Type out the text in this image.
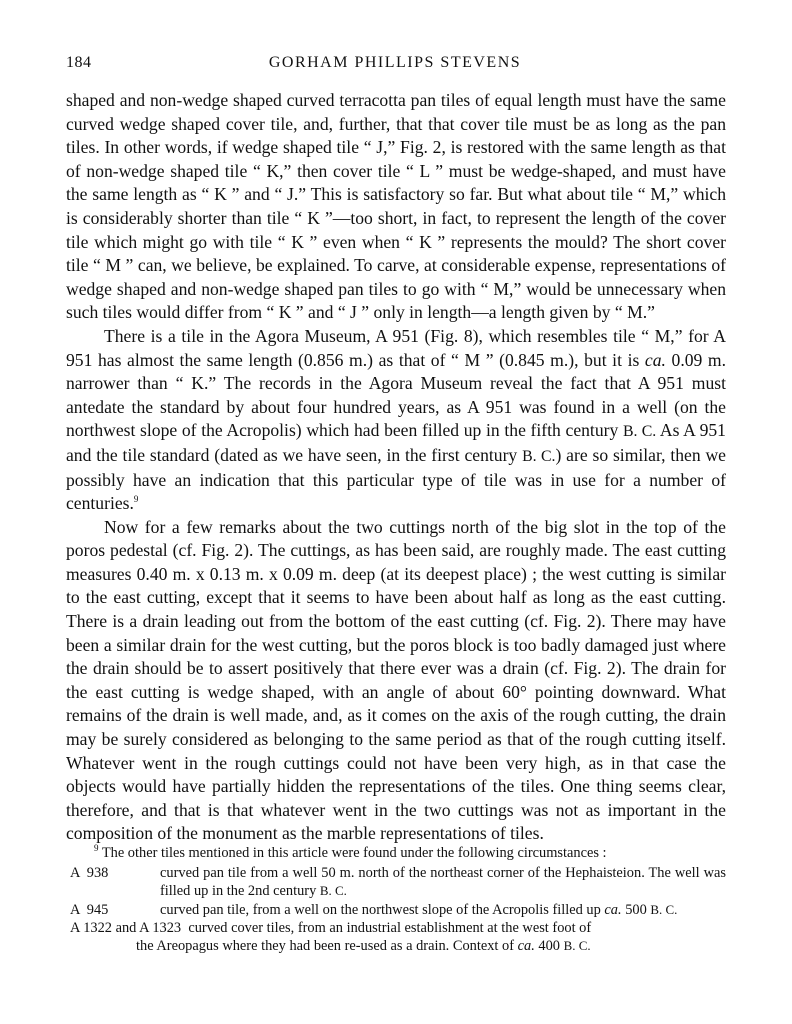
184	GORHAM PHILLIPS STEVENS

shaped and non-wedge shaped curved terracotta pan tiles of equal length must have the same curved wedge shaped cover tile, and, further, that that cover tile must be as long as the pan tiles. In other words, if wedge shaped tile “ J,” Fig. 2, is restored with the same length as that of non-wedge shaped tile “ K,” then cover tile “ L ” must be wedge-shaped, and must have the same length as “ K ” and “ J.” This is satisfactory so far. But what about tile “ M,” which is considerably shorter than tile “ K ”—too short, in fact, to represent the length of the cover tile which might go with tile “ K ” even when “ K ” represents the mould? The short cover tile “ M ” can, we believe, be explained. To carve, at considerable expense, representations of wedge shaped and non-wedge shaped pan tiles to go with “ M,” would be unnecessary when such tiles would differ from “ K ” and “ J ” only in length—a length given by “ M.”

There is a tile in the Agora Museum, A 951 (Fig. 8), which resembles tile “ M,” for A 951 has almost the same length (0.856 m.) as that of “ M ” (0.845 m.), but it is ca. 0.09 m. narrower than “ K.” The records in the Agora Museum reveal the fact that A 951 must antedate the standard by about four hundred years, as A 951 was found in a well (on the northwest slope of the Acropolis) which had been filled up in the fifth century B. C. As A 951 and the tile standard (dated as we have seen, in the first century B. C.) are so similar, then we possibly have an indication that this particular type of tile was in use for a number of centuries.$^9$

Now for a few remarks about the two cuttings north of the big slot in the top of the poros pedestal (cf. Fig. 2). The cuttings, as has been said, are roughly made. The east cutting measures 0.40 m. x 0.13 m. x 0.09 m. deep (at its deepest place) ; the west cutting is similar to the east cutting, except that it seems to have been about half as long as the east cutting. There is a drain leading out from the bottom of the east cutting (cf. Fig. 2). There may have been a similar drain for the west cutting, but the poros block is too badly damaged just where the drain should be to assert positively that there ever was a drain (cf. Fig. 2). The drain for the east cutting is wedge shaped, with an angle of about 60° pointing downward. What remains of the drain is well made, and, as it comes on the axis of the rough cutting, the drain may be surely considered as belonging to the same period as that of the rough cutting itself. Whatever went in the rough cuttings could not have been very high, as in that case the objects would have partially hidden the representations of the tiles. One thing seems clear, therefore, and that is that whatever went in the two cuttings was not as important in the composition of the monument as the marble representations of tiles.

$^9$ The other tiles mentioned in this article were found under the following circumstances :

A  938	curved pan tile from a well 50 m. north of the northeast corner of the Hephaisteion. The well was filled up in the 2nd century B. C.

A  945	curved pan tile, from a well on the northwest slope of the Acropolis filled up ca. 500 B. C.

A 1322 and A 1323 curved cover tiles, from an industrial establishment at the west foot of
the Areopagus where they had been re-used as a drain. Context of ca. 400 B. C.
